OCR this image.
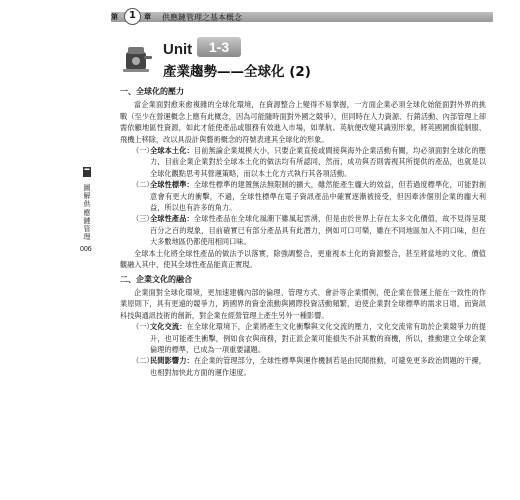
第	1	章 供應鏈管理之基本概念
Unit	1-3
產業趨勢——全球化 (2)
圖解供應鏈管理
006
一、全球化的壓力

當企業面對愈來愈複雜的全球化環境，在資源整合上變得不易掌握，一方面企業必須全球化始能面對外界的挑戰（至少在營運概念上應有此概念，因為可能隨時面對外國之競爭），但同時在人力資源、行銷活動、內部管理上卻需依顧地區性資源，如此才能使產品或服務有效進入市場，如華航、英航便改變其識別形象，將英國國旗從制服、飛機上移除，改以具設計與藝術概念的符號表達其全球化的形象。

（一）
全球本土化：目前無論企業規模大小，只要企業直接或間接與海外企業活動有關，均必須面對全球化的壓力，目前企業企業對於全球本土化的做法均有所認同，然而，成功與否則需視其所提供的產品，也就是以全球化觀點思考其營運策略，而以本土化方式執行其各項活動。
（二）
全球性標準：全球性標準的建置無法無限制的擴大，雖然能產生龐大的效益，但若過度標準化，可能對創意會有更大的衝擊，不過，全球性標準在電子資訊產品中確實逐漸被接受，但因牽涉個別企業的龐大利益，所以也有許多的角力。
（三）
全球性產品：全球性產品在全球化風潮下雖風起雲湧，但是由於世界上存在太多文化價值，故不見得呈現百分之百的現象，目前確實已有部分產品具有此潛力，例如可口可樂，雖在不同地區加入不同口味，但在大多數地區仍都使用相同口味。

全球本土化將全球性產品的做法予以落實，除強調整合，更重視本土化的資源整合，甚至將當地的文化、價值觀融入其中，使其全球性產品能真正實現。

二、企業文化的融合

企業面對全球化環境，更加速建構內部的倫理、管理方式、會計等企業慣例，使企業在營運上能在一致性的作業原則下，具有更遠的競爭力，跨國界的資金流動與國際投資活動頻繁，迫使企業對全球標準的需求日增，而資訊科技與通訊技術的創新，對企業在經營管理上產生另外一種影響。

（一）
文化交流：在全球化環境下，企業將產生文化衝擊與文化交流的壓力，文化交流常有助於企業競爭力的提升，也可能產生衝擊，例如食衣與商務，對正派企業可能損失不計其數的商機，所以，推動建立全球企業倫理的標準，已成為一項重要議題。
（二）
民間影響力：在企業的管理部分，全球性標準與運作機制若是由民間推動，可避免更多政治問題的干擾，也相對加快此方面的運作速度。
